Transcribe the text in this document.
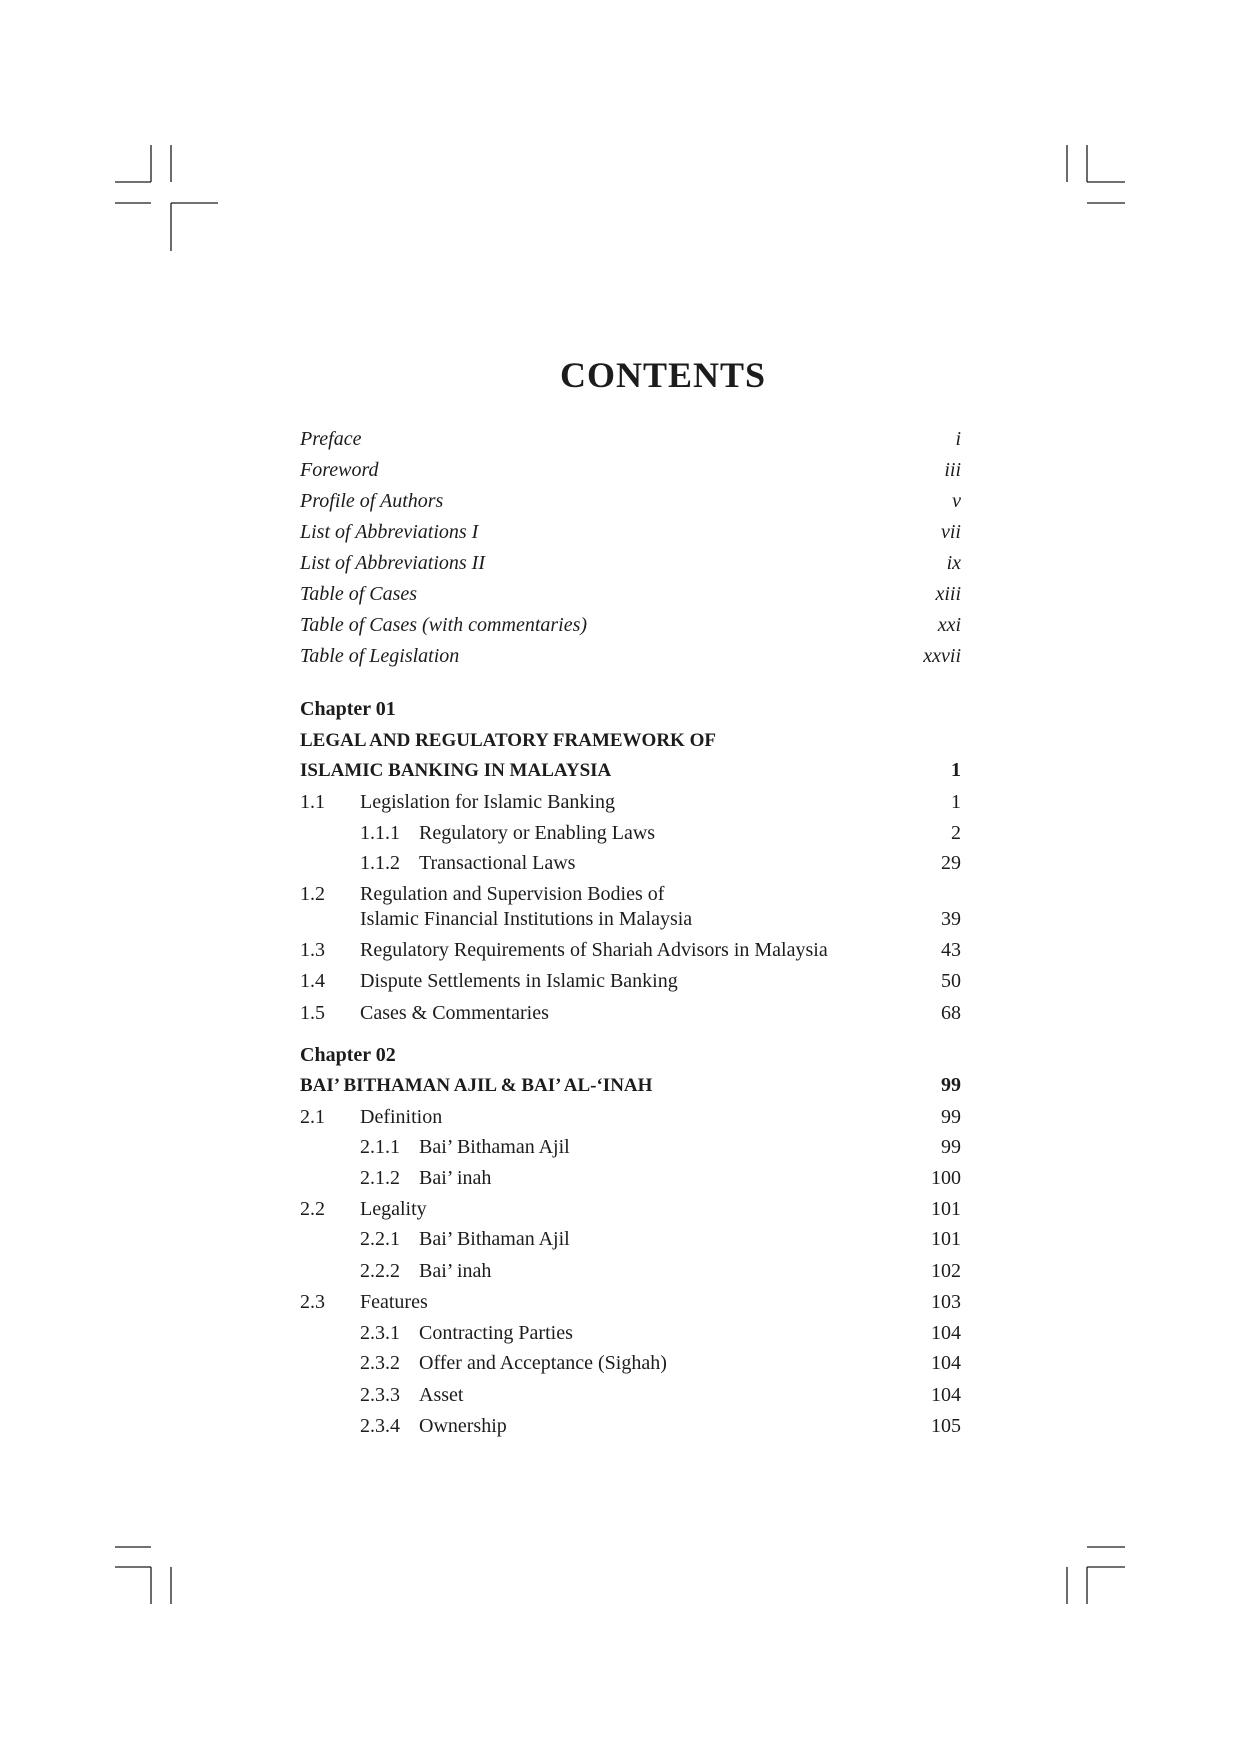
CONTENTS
Preface	i
Foreword	iii
Profile of Authors	v
List of Abbreviations I	vii
List of Abbreviations II	ix
Table of Cases	xiii
Table of Cases (with commentaries)	xxi
Table of Legislation	xxvii
Chapter 01
LEGAL AND REGULATORY FRAMEWORK OF
ISLAMIC BANKING IN MALAYSIA	1
1.1 Legislation for Islamic Banking	1
1.1.1 Regulatory or Enabling Laws	2
1.1.2 Transactional Laws	29
1.2 Regulation and Supervision Bodies of
Islamic Financial Institutions in Malaysia	39
1.3 Regulatory Requirements of Shariah Advisors in Malaysia	43
1.4 Dispute Settlements in Islamic Banking	50
1.5 Cases & Commentaries	68
Chapter 02
BAI’ BITHAMAN AJIL & BAI’ AL-‘INAH	99
2.1 Definition	99
2.1.1 Bai’ Bithaman Ajil	99
2.1.2 Bai’ inah	100
2.2 Legality	101
2.2.1 Bai’ Bithaman Ajil	101
2.2.2 Bai’ inah	102
2.3 Features	103
2.3.1 Contracting Parties	104
2.3.2 Offer and Acceptance (Sighah)	104
2.3.3 Asset	104
2.3.4 Ownership	105
